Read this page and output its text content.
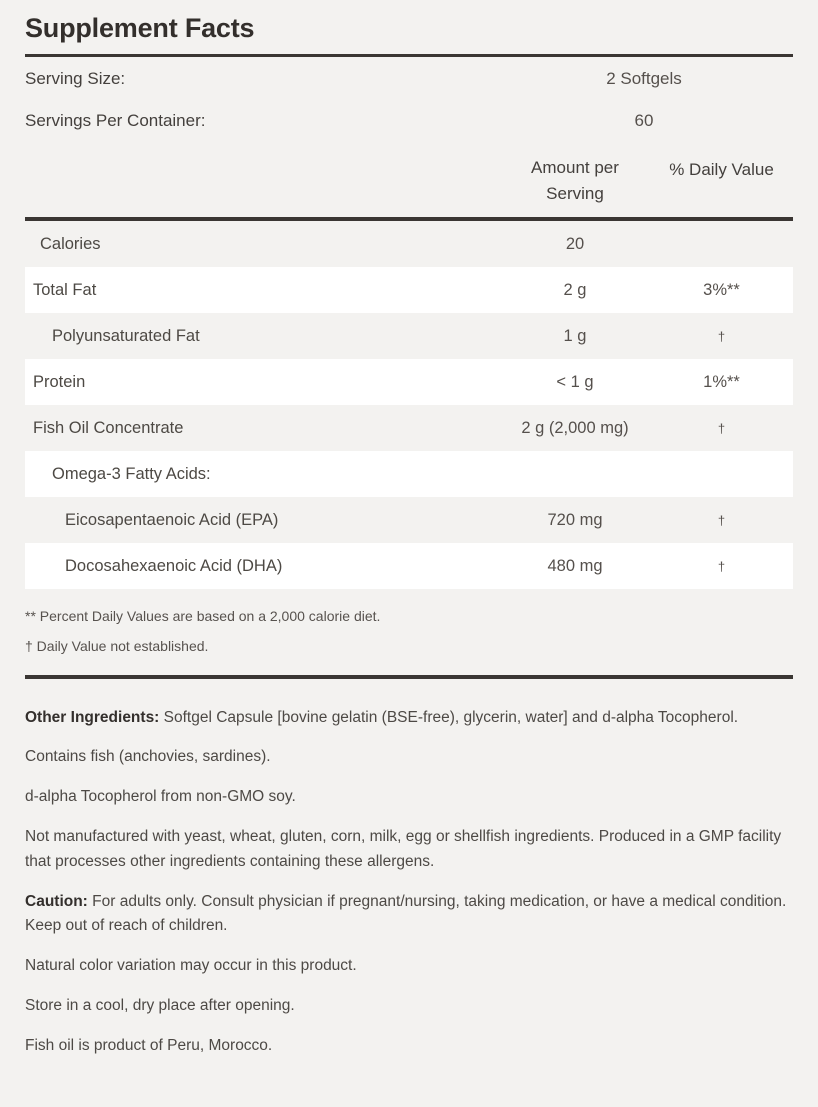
Supplement Facts
Serving Size:	2 Softgels
Servings Per Container:	60
Amount per
Serving
% Daily Value
Calories	20
Total Fat	2 g	3%**
Polyunsaturated Fat	1 g	†
Protein	< 1 g	1%**
Fish Oil Concentrate	2 g (2,000 mg)	†
Omega-3 Fatty Acids:
Eicosapentaenoic Acid (EPA)	720 mg	†
Docosahexaenoic Acid (DHA)	480 mg	†
** Percent Daily Values are based on a 2,000 calorie diet.
† Daily Value not established.

Other Ingredients: Softgel Capsule [bovine gelatin (BSE-free), glycerin, water] and d-alpha Tocopherol.

Contains fish (anchovies, sardines).

d-alpha Tocopherol from non-GMO soy.

Not manufactured with yeast, wheat, gluten, corn, milk, egg or shellfish ingredients. Produced in a GMP facility that processes other ingredients containing these allergens.

Caution: For adults only. Consult physician if pregnant/nursing, taking medication, or have a medical condition. Keep out of reach of children.

Natural color variation may occur in this product.

Store in a cool, dry place after opening.

Fish oil is product of Peru, Morocco.
